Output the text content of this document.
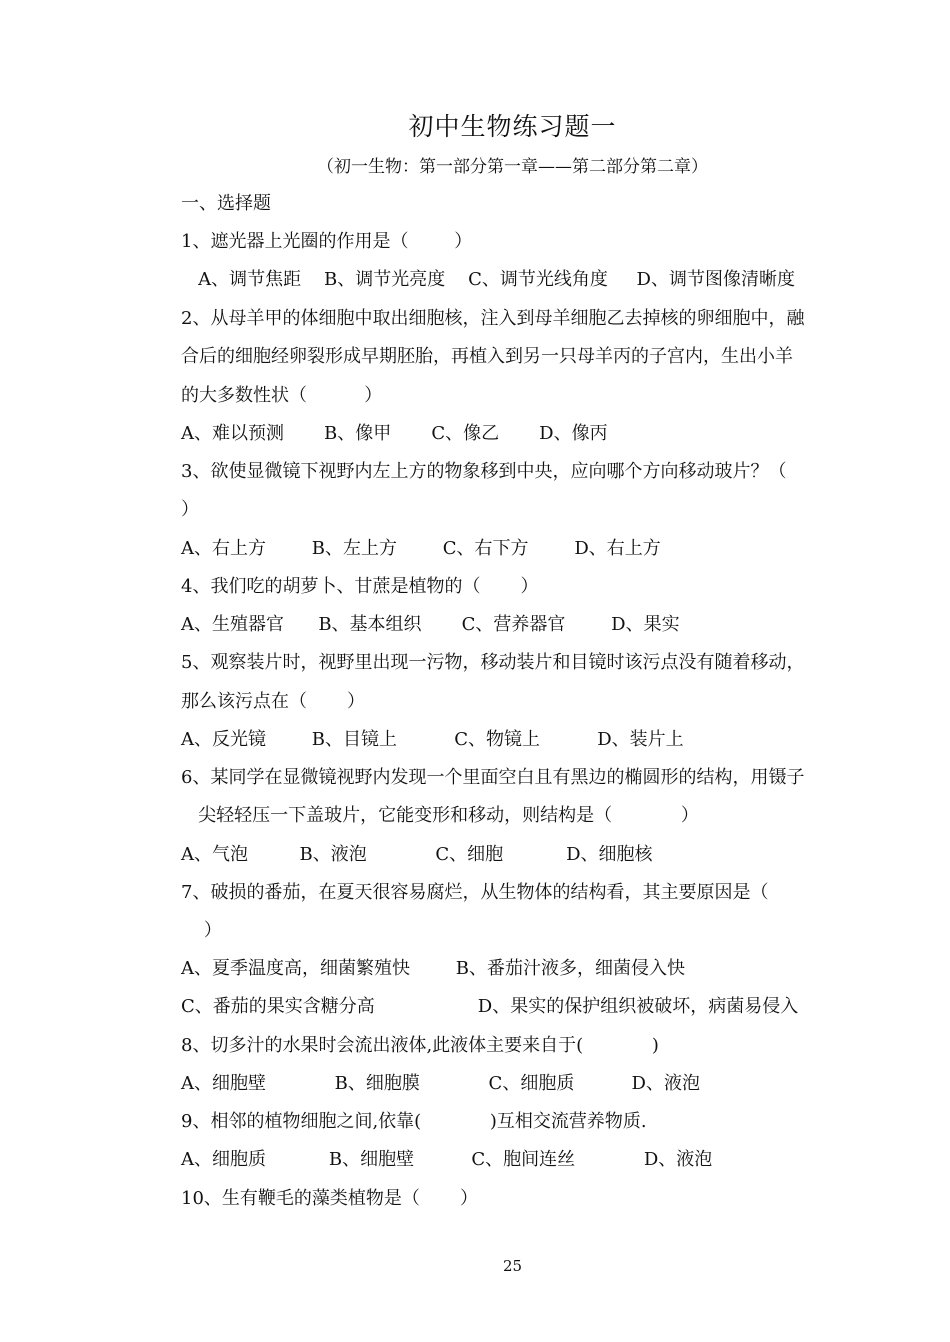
初中生物练习题一
（初一生物：第一部分第一章——第二部分第二章）
一、选择题
1、遮光器上光圈的作用是（        ）
A、调节焦距    B、调节光亮度    C、调节光线角度     D、调节图像清晰度
2、从母羊甲的体细胞中取出细胞核，注入到母羊细胞乙去掉核的卵细胞中，融
合后的细胞经卵裂形成早期胚胎，再植入到另一只母羊丙的子宫内，生出小羊
的大多数性状（          ）
A、难以预测       B、像甲       C、像乙       D、像丙
3、欲使显微镜下视野内左上方的物象移到中央，应向哪个方向移动玻片？（
）
A、右上方        B、左上方        C、右下方        D、右上方
4、我们吃的胡萝卜、甘蔗是植物的（       ）
A、生殖器官      B、基本组织       C、营养器官        D、果实
5、观察装片时，视野里出现一污物，移动装片和目镜时该污点没有随着移动，
那么该污点在（       ）
A、反光镜        B、目镜上          C、物镜上          D、装片上
6、某同学在显微镜视野内发现一个里面空白且有黑边的椭圆形的结构，用镊子
尖轻轻压一下盖玻片，它能变形和移动，则结构是（            ）
A、气泡         B、液泡            C、细胞           D、细胞核
7、破损的番茄，在夏天很容易腐烂，从生物体的结构看，其主要原因是（
）
A、夏季温度高，细菌繁殖快        B、番茄汁液多，细菌侵入快
C、番茄的果实含糖分高                  D、果实的保护组织被破坏，病菌易侵入
8、切多汁的水果时会流出液体,此液体主要来自于(            )
A、细胞壁            B、细胞膜            C、细胞质          D、液泡
9、相邻的植物细胞之间,依靠(            )互相交流营养物质.
A、细胞质           B、细胞壁          C、胞间连丝            D、液泡
10、生有鞭毛的藻类植物是（       ）
25
